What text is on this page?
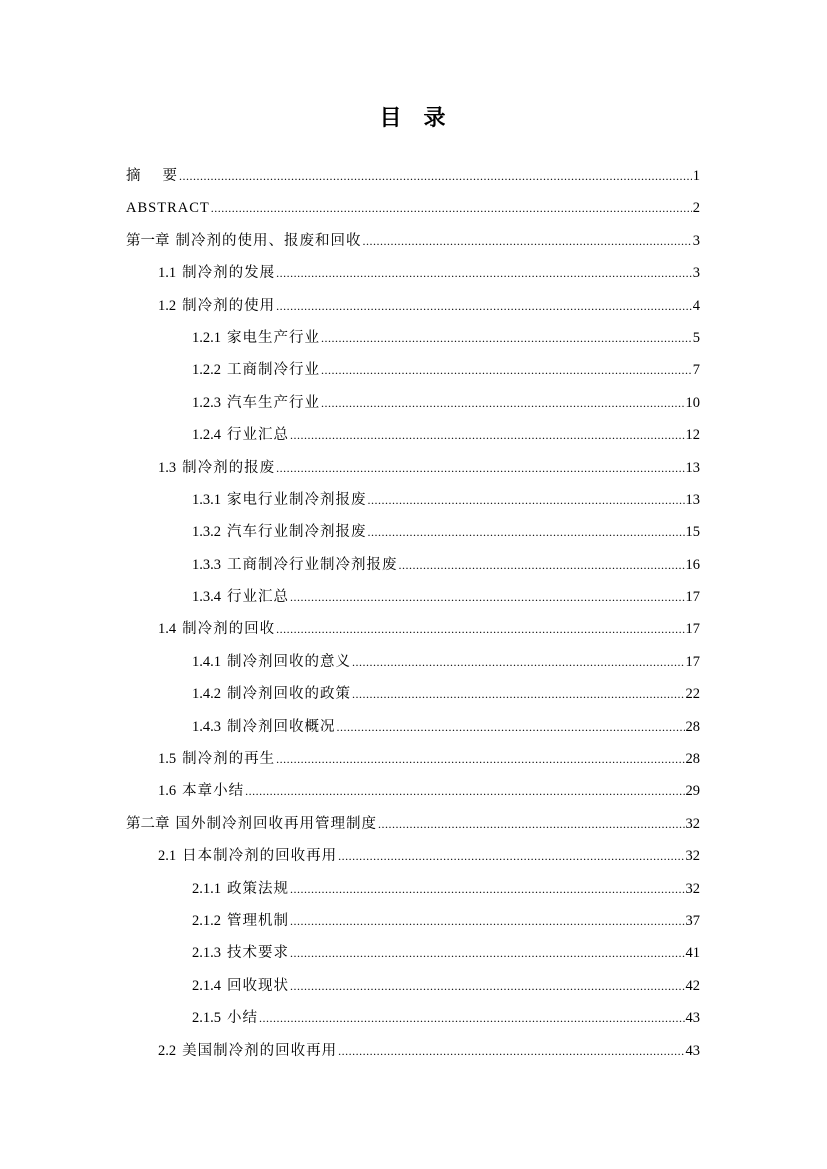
目 录
摘 要 .....	1
ABSTRACT .....	2
第一章 制冷剂的使用、报废和回收 .....	3
1.1 制冷剂的发展 .....	3
1.2 制冷剂的使用 .....	4
1.2.1 家电生产行业 .....	5
1.2.2 工商制冷行业 .....	7
1.2.3 汽车生产行业 .....	10
1.2.4 行业汇总 .....	12
1.3 制冷剂的报废 .....	13
1.3.1 家电行业制冷剂报废 .....	13
1.3.2 汽车行业制冷剂报废 .....	15
1.3.3 工商制冷行业制冷剂报废 .....	16
1.3.4 行业汇总 .....	17
1.4 制冷剂的回收 .....	17
1.4.1 制冷剂回收的意义 .....	17
1.4.2 制冷剂回收的政策 .....	22
1.4.3 制冷剂回收概况 .....	28
1.5 制冷剂的再生 .....	28
1.6 本章小结 .....	29
第二章 国外制冷剂回收再用管理制度 .....	32
2.1 日本制冷剂的回收再用 .....	32
2.1.1 政策法规 .....	32
2.1.2 管理机制 .....	37
2.1.3 技术要求 .....	41
2.1.4 回收现状 .....	42
2.1.5 小结 .....	43
2.2 美国制冷剂的回收再用 .....	43
